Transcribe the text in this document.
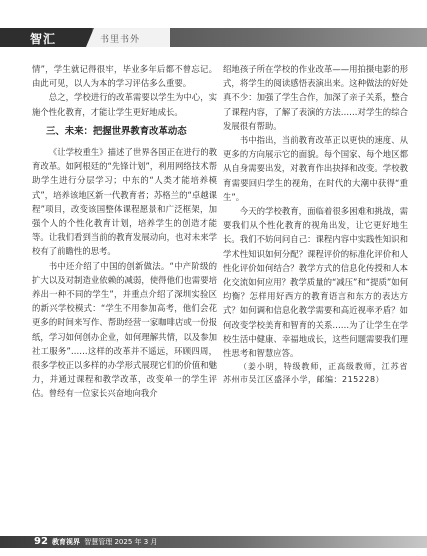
智汇	书里书外

情”，学生就记得很牢，毕业多年后都不曾忘记。由此可见，以人为本的学习评估多么重要。

总之，学校进行的改革需要以学生为中心，实施个性化教育，才能让学生更好地成长。

三、未来：把握世界教育改革动态

《让学校重生》描述了世界各国正在进行的教育改革。如阿根廷的“先锋计划”，利用网络技术帮助学生进行分层学习；中东的“人类才能培养模式”，培养该地区新一代教育者；苏格兰的“卓越课程”项目，改变该国整体课程愿景和广泛框架，加强个人的个性化教育计划，培养学生的创造才能等。让我们看到当前的教育发展动向，也对未来学校有了前瞻性的思考。

书中还介绍了中国的创新做法。“中产阶级的扩大以及对制造业依赖的减弱，使得他们也需要培养出一种不同的学生”，并重点介绍了深圳实验区的新兴学校模式：“学生不用参加高考，他们会花更多的时间来写作、帮助经营一家咖啡店或一份报纸，学习如何创办企业，如何理解共情，以及参加社工服务”……这样的改革并不遥远，环顾四周，很多学校正以多样的办学形式展现它们的价值和魅力，并通过课程和教学改革，改变单一的学生评估。曾经有一位家长兴奋地向我介

绍地孩子所在学校的作业改革——用拍摄电影的形式，将学生的阅读感悟表演出来。这种做法的好处真不少：加强了学生合作，加深了亲子关系，整合了课程内容，了解了表演的方法……对学生的综合发展很有帮助。

书中指出，当前教育改革正以更快的速度、从更多的方向展示它的面貌。每个国家、每个地区都从自身需要出发，对教育作出抉择和改变。学校教育需要回归学生的视角，在时代的大潮中获得“重生”。

今天的学校教育，面临着很多困难和挑战，需要我们从个性化教育的视角出发，让它更好地生长。我们不妨问问自己：课程内容中实践性知识和学术性知识如何分配？课程评价的标准化评价和人性化评价如何结合？教学方式的信息化传授和人本化交流如何应用？教学质量的“减压”和“提质”如何均衡？怎样用好西方的教育语言和东方的表达方式？如何调和信息化教学需要和高近视率矛盾？如何改变学校美育和智育的关系……为了让学生在学校生活中健康、幸福地成长，这些问题需要我们理性思考和智慧应答。

（姜小明，特级教师，正高级教师，江苏省苏州市吴江区盛泽小学，邮编：215228）

92 教育视界 智慧管理 2025 年 3 月
